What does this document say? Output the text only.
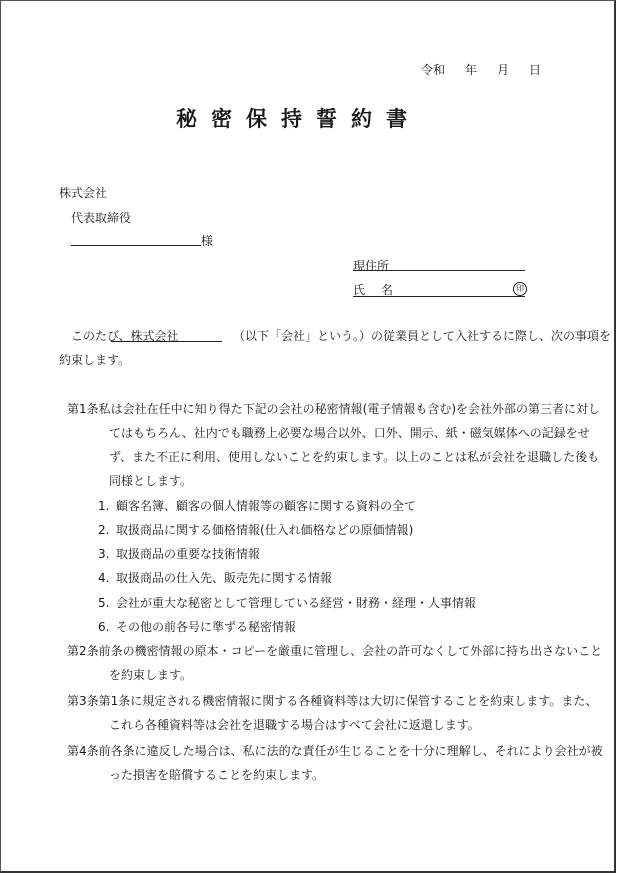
令和 年 月 日
秘密保持誓約書
株式会社
代表取締役
様
現住所
氏名	印
このたび、株式会社	（以下「会社」という。）の従業員として入社するに際し、次の事項を
約束します。
第1条私は会社在任中に知り得た下記の会社の秘密情報(電子情報も含む)を会社外部の第三者に対し
てはもちろん、社内でも職務上必要な場合以外、口外、開示、紙・磁気媒体への記録をせ
ず、また不正に利用、使用しないことを約束します。以上のことは私が会社を退職した後も
同様とします。
1. 顧客名簿、顧客の個人情報等の顧客に関する資料の全て
2. 取扱商品に関する価格情報(仕入れ価格などの原価情報)
3. 取扱商品の重要な技術情報
4. 取扱商品の仕入先、販売先に関する情報
5. 会社が重大な秘密として管理している経営・財務・経理・人事情報
6. その他の前各号に準ずる秘密情報
第2条前条の機密情報の原本・コピーを厳重に管理し、会社の許可なくして外部に持ち出さないこと
を約束します。
第3条第1条に規定される機密情報に関する各種資料等は大切に保管することを約束します。また、
これら各種資料等は会社を退職する場合はすべて会社に返還します。
第4条前各条に違反した場合は、私に法的な責任が生じることを十分に理解し、それにより会社が被
った損害を賠償することを約束します。
